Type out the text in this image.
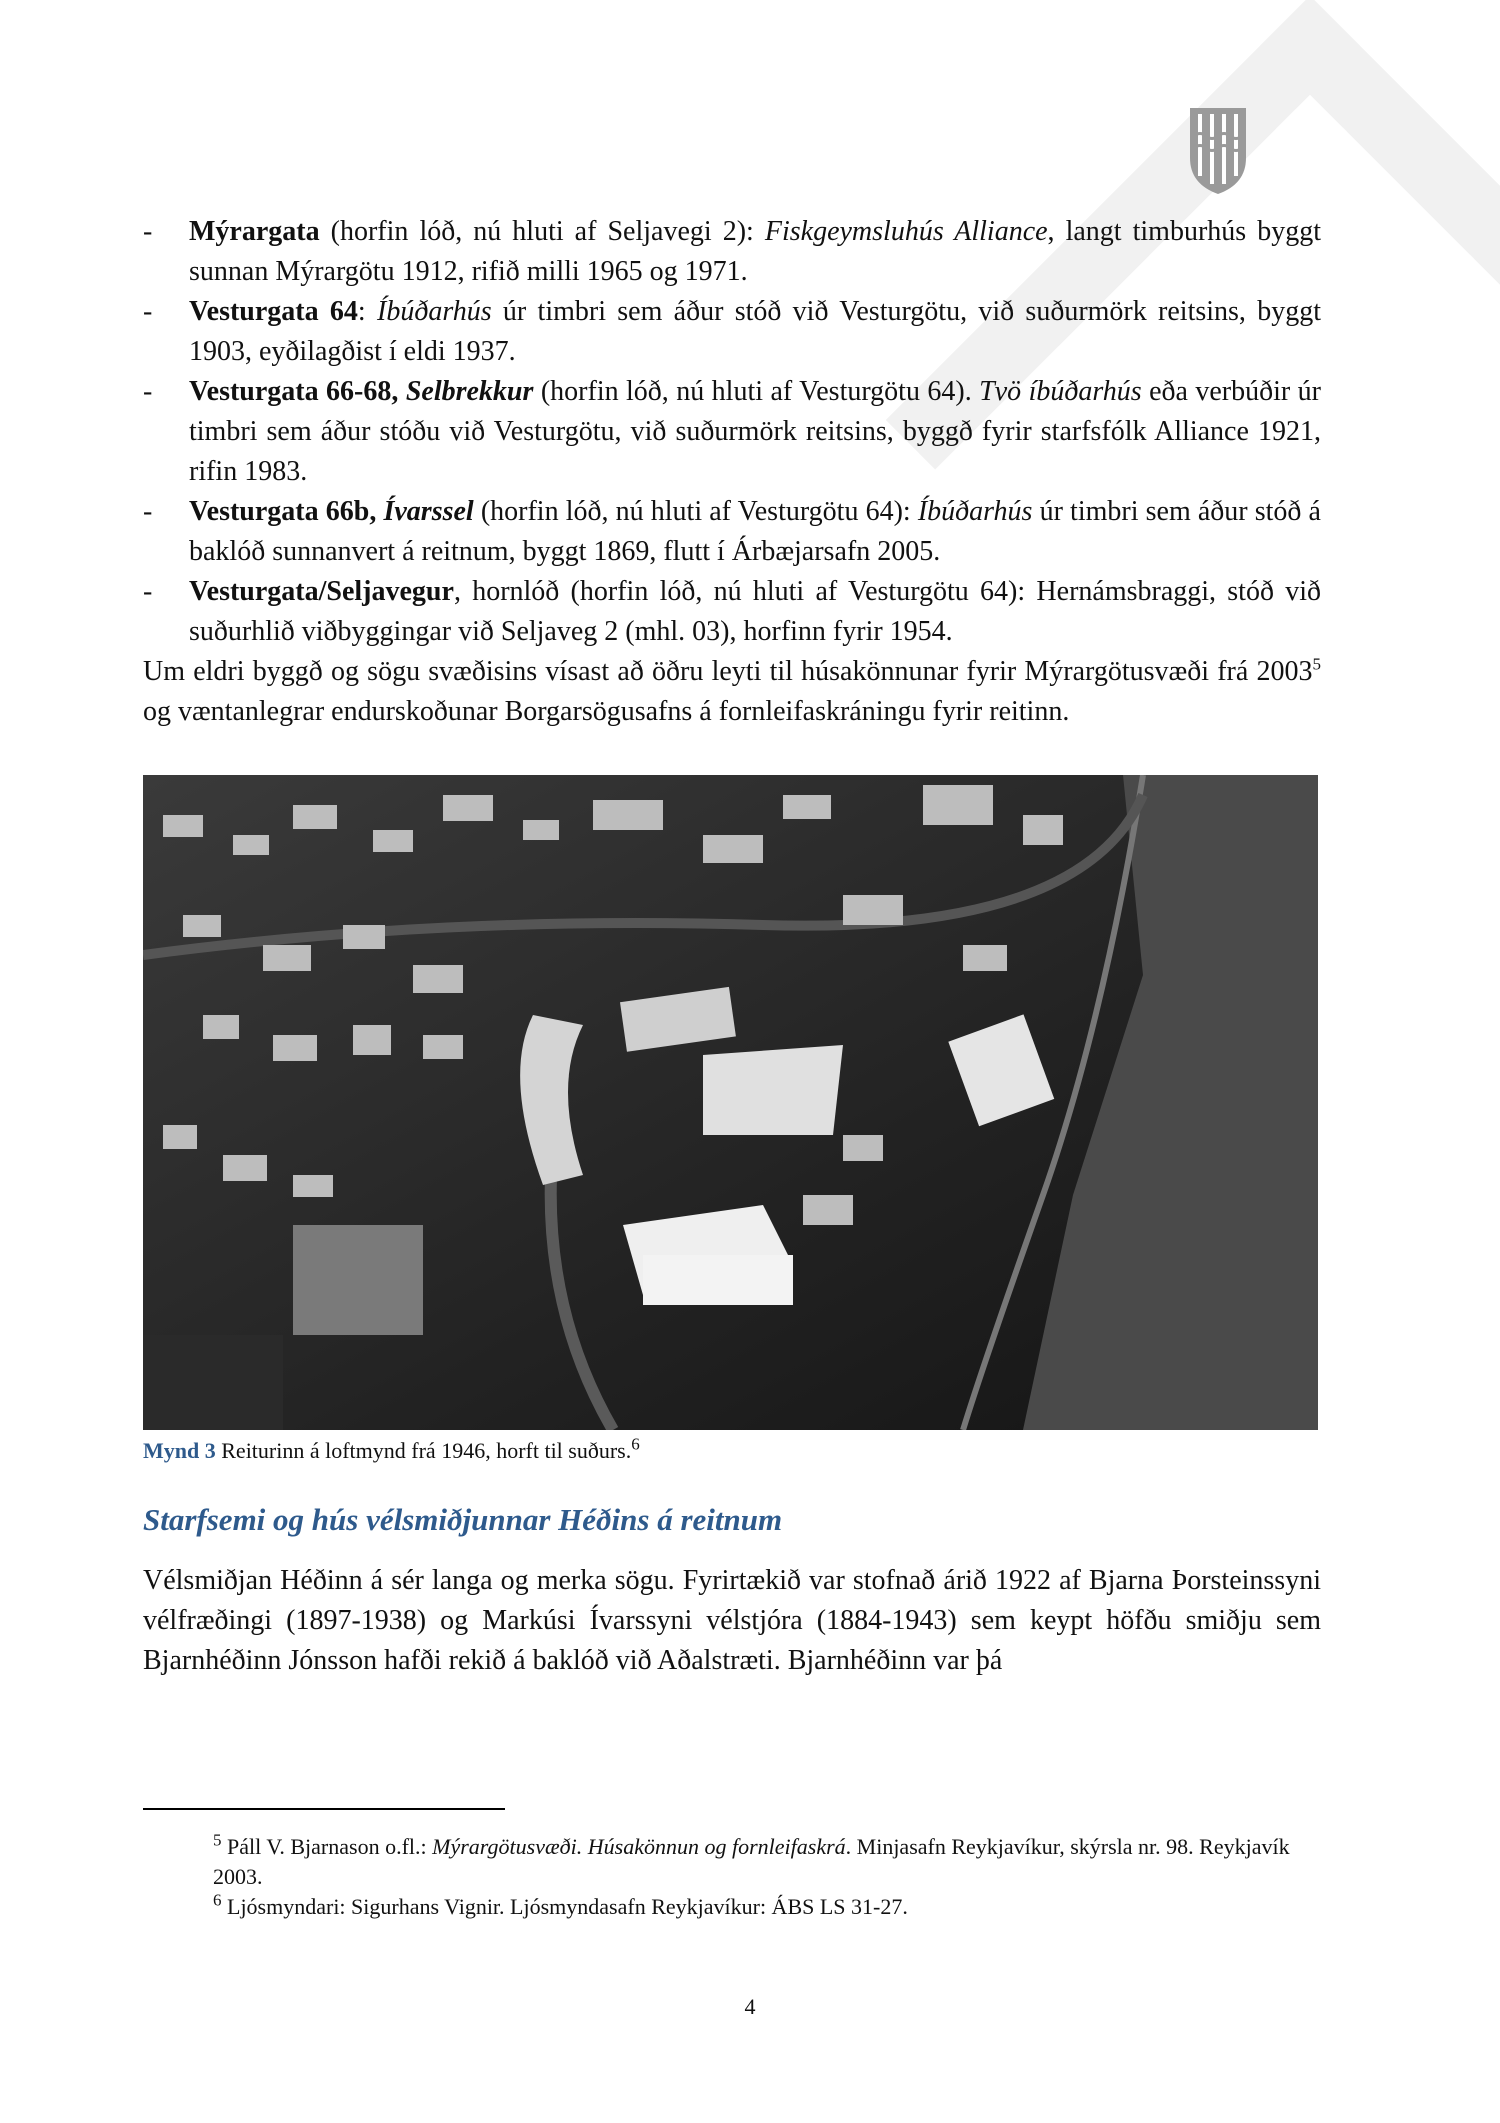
- Mýrargata (horfin lóð, nú hluti af Seljavegi 2): Fiskgeymsluhús Alliance, langt timburhús byggt sunnan Mýrargötu 1912, rifið milli 1965 og 1971.

- Vesturgata 64: Íbúðarhús úr timbri sem áður stóð við Vesturgötu, við suðurmörk reitsins, byggt 1903, eyðilagðist í eldi 1937.

- Vesturgata 66-68, Selbrekkur (horfin lóð, nú hluti af Vesturgötu 64). Tvö íbúðarhús eða verbúðir úr timbri sem áður stóðu við Vesturgötu, við suðurmörk reitsins, byggð fyrir starfsfólk Alliance 1921, rifin 1983.

- Vesturgata 66b, Ívarssel (horfin lóð, nú hluti af Vesturgötu 64): Íbúðarhús úr timbri sem áður stóð á baklóð sunnanvert á reitnum, byggt 1869, flutt í Árbæjarsafn 2005.

- Vesturgata/Seljavegur, hornlóð (horfin lóð, nú hluti af Vesturgötu 64): Hernámsbraggi, stóð við suðurhlið viðbyggingar við Seljaveg 2 (mhl. 03), horfinn fyrir 1954.

Um eldri byggð og sögu svæðisins vísast að öðru leyti til húsakönnunar fyrir Mýrargötusvæði frá 2003$^5$ og væntanlegrar endurskoðunar Borgarsögusafns á fornleifaskráningu fyrir reitinn.

Mynd 3 Reiturinn á loftmynd frá 1946, horft til suðurs.$^6$
Starfsemi og hús vélsmiðjunnar Héðins á reitnum

Vélsmiðjan Héðinn á sér langa og merka sögu. Fyrirtækið var stofnað árið 1922 af Bjarna Þorsteinssyni vélfræðingi (1897-1938) og Markúsi Ívarssyni vélstjóra (1884-1943) sem keypt höfðu smiðju sem Bjarnhéðinn Jónsson hafði rekið á baklóð við Aðalstræti. Bjarnhéðinn var þá

$^5$ Páll V. Bjarnason o.fl.: Mýrargötusvæði. Húsakönnun og fornleifaskrá. Minjasafn Reykjavíkur, skýrsla nr. 98. Reykjavík 2003.

$^6$ Ljósmyndari: Sigurhans Vignir. Ljósmyndasafn Reykjavíkur: ÁBS LS 31-27.

4
